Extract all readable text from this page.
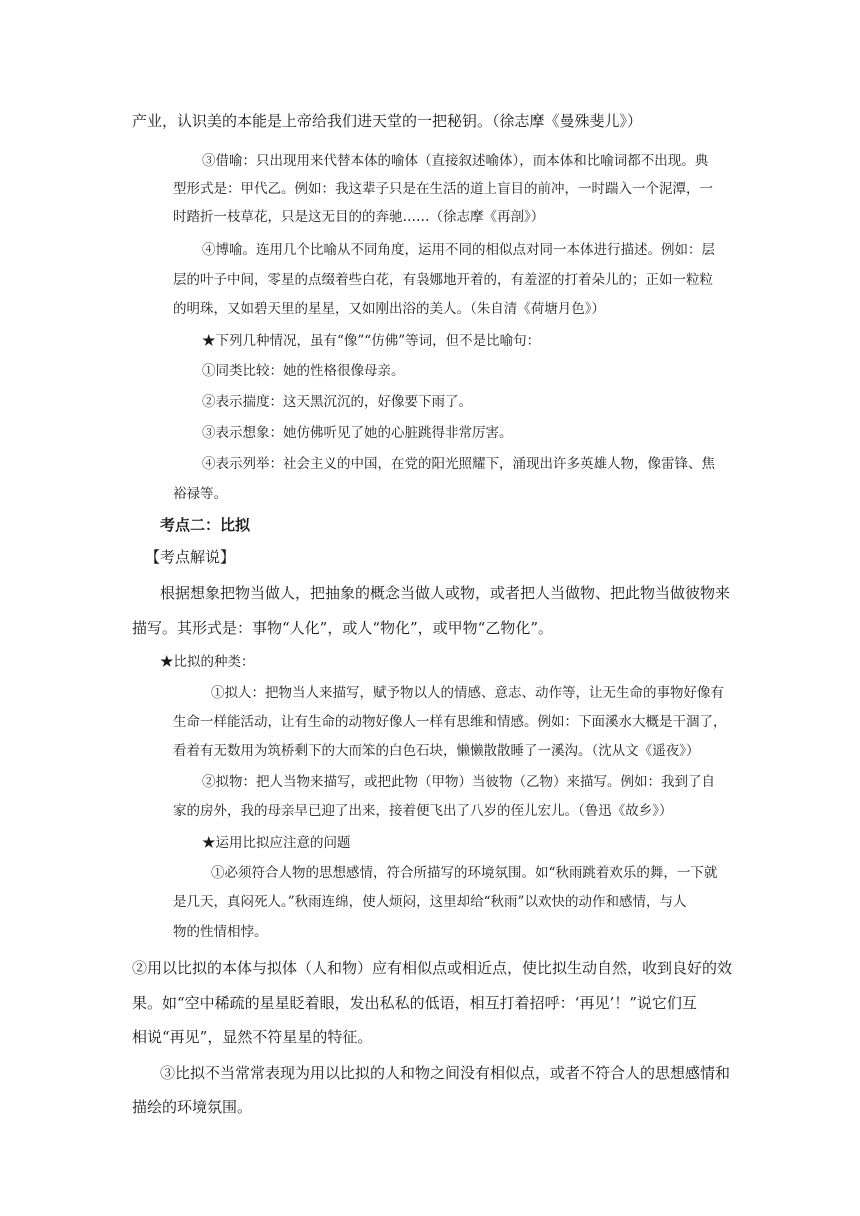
产业，认识美的本能是上帝给我们进天堂的一把秘钥。（徐志摩《曼殊斐儿》）
③借喻：只出现用来代替本体的喻体（直接叙述喻体），而本体和比喻词都不出现。典
型形式是：甲代乙。例如：我这辈子只是在生活的道上盲目的前冲，一时踹入一个泥潭，一
时踏折一枝草花，只是这无目的的奔驰……（徐志摩《再剖》）
④博喻。连用几个比喻从不同角度，运用不同的相似点对同一本体进行描述。例如：层
层的叶子中间，零星的点缀着些白花，有袅娜地开着的，有羞涩的打着朵儿的；正如一粒粒
的明珠，又如碧天里的星星，又如刚出浴的美人。（朱自清《荷塘月色》）
★下列几种情况，虽有“像”“仿佛”等词，但不是比喻句：
①同类比较：她的性格很像母亲。
②表示揣度：这天黑沉沉的，好像要下雨了。
③表示想象：她仿佛听见了她的心脏跳得非常厉害。
④表示列举：社会主义的中国，在党的阳光照耀下，涌现出许多英雄人物，像雷锋、焦
裕禄等。
考点二：比拟
【考点解说】
根据想象把物当做人，把抽象的概念当做人或物，或者把人当做物、把此物当做彼物来
描写。其形式是：事物“人化”，或人“物化”，或甲物“乙物化”。
★比拟的种类：
①拟人：把物当人来描写，赋予物以人的情感、意志、动作等，让无生命的事物好像有
生命一样能活动，让有生命的动物好像人一样有思维和情感。例如：下面溪水大概是干涸了，
看着有无数用为筑桥剩下的大而笨的白色石块，懒懒散散睡了一溪沟。（沈从文《遥夜》）
②拟物：把人当物来描写，或把此物（甲物）当彼物（乙物）来描写。例如：我到了自
家的房外，我的母亲早已迎了出来，接着便飞出了八岁的侄儿宏儿。（鲁迅《故乡》）
★运用比拟应注意的问题
①必须符合人物的思想感情，符合所描写的环境氛围。如“秋雨跳着欢乐的舞，一下就
是几天，真闷死人。”秋雨连绵，使人烦闷，这里却给“秋雨”以欢快的动作和感情，与人
物的性情相悖。
②用以比拟的本体与拟体（人和物）应有相似点或相近点，使比拟生动自然，收到良好的效
果。如“空中稀疏的星星眨着眼，发出私私的低语，相互打着招呼：‘再见’！”说它们互
相说“再见”，显然不符星星的特征。
③比拟不当常常表现为用以比拟的人和物之间没有相似点，或者不符合人的思想感情和
描绘的环境氛围。
